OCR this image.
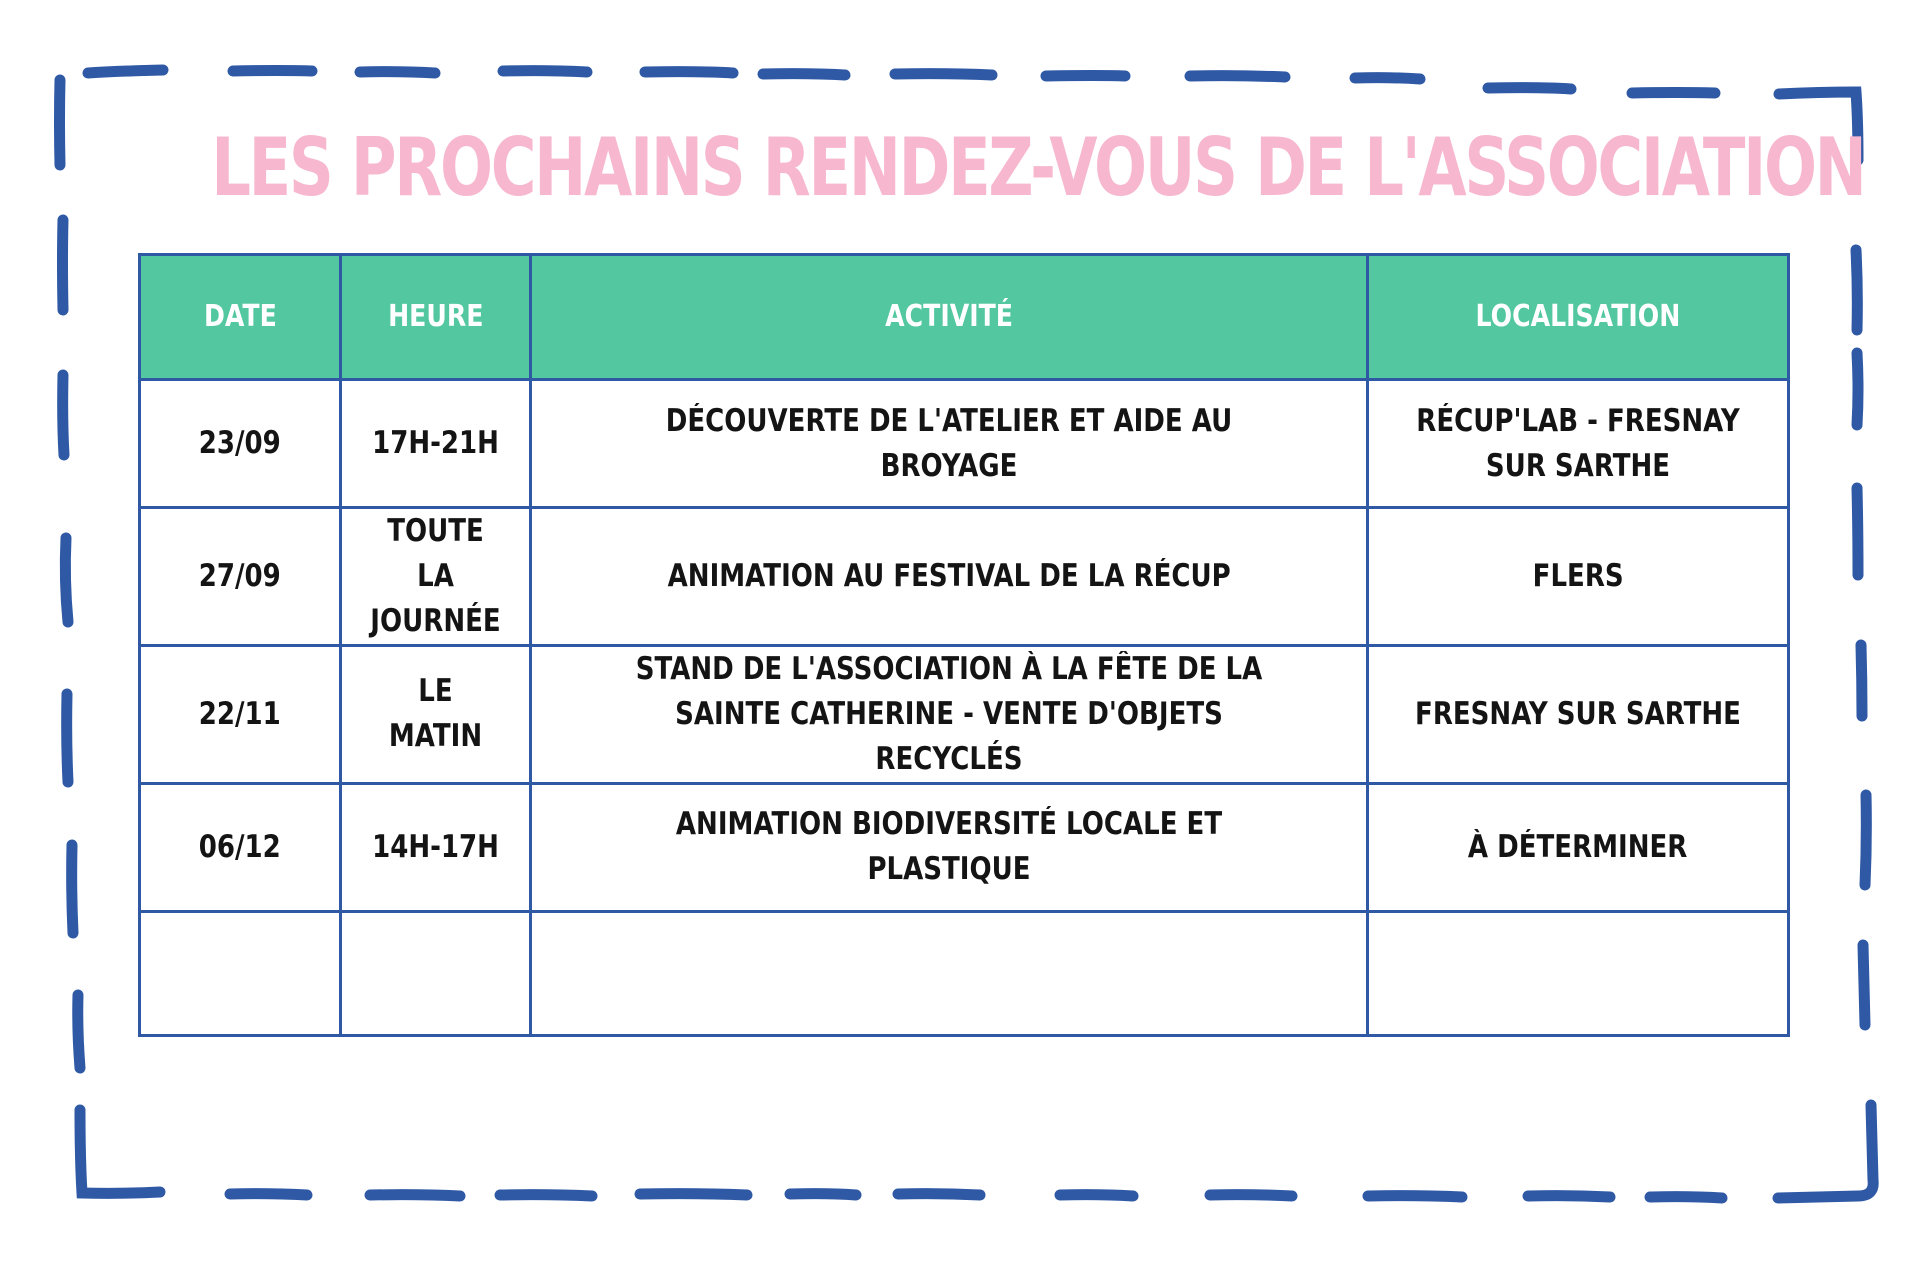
LES PROCHAINS RENDEZ-VOUS DE L'ASSOCIATION
DATE	HEURE	ACTIVITÉ	LOCALISATION
23/09	17H-21H	DÉCOUVERTE DE L'ATELIER ET AIDE AU BROYAGE	RÉCUP'LAB - FRESNAY SUR SARTHE
27/09	TOUTE LA JOURNÉE	ANIMATION AU FESTIVAL DE LA RÉCUP	FLERS
22/11	LE MATIN	STAND DE L'ASSOCIATION À LA FÊTE DE LA SAINTE CATHERINE - VENTE D'OBJETS RECYCLÉS	FRESNAY SUR SARTHE
06/12	14H-17H	ANIMATION BIODIVERSITÉ LOCALE ET PLASTIQUE	À DÉTERMINER
